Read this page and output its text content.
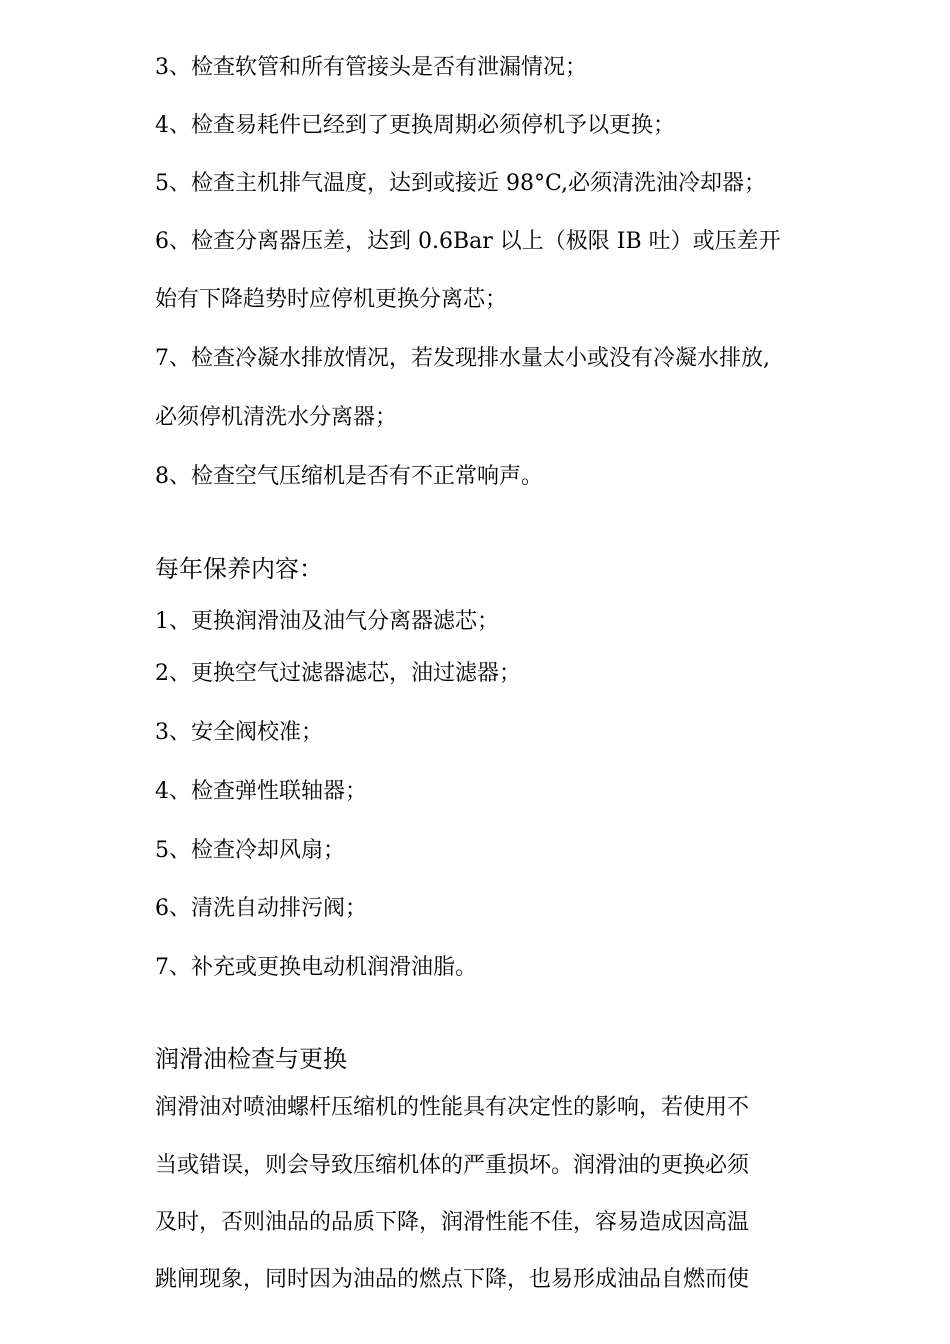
3、检查软管和所有管接头是否有泄漏情况；
4、检查易耗件已经到了更换周期必须停机予以更换；
5、检查主机排气温度，达到或接近 98°C,必须清洗油冷却器；
6、检查分离器压差，达到 0.6Bar 以上（极限 IB 吐）或压差开
始有下降趋势时应停机更换分离芯；
7、检查冷凝水排放情况，若发现排水量太小或没有冷凝水排放,
必须停机清洗水分离器；
8、检查空气压缩机是否有不正常响声。
每年保养内容：
1、更换润滑油及油气分离器滤芯；
2、更换空气过滤器滤芯，油过滤器；
3、安全阀校准；
4、检查弹性联轴器；
5、检查冷却风扇；
6、清洗自动排污阀；
7、补充或更换电动机润滑油脂。
润滑油检查与更换
润滑油对喷油螺杆压缩机的性能具有决定性的影响，若使用不
当或错误，则会导致压缩机体的严重损坏。润滑油的更换必须
及时，否则油品的品质下降，润滑性能不佳，容易造成因高温
跳闸现象，同时因为油品的燃点下降，也易形成油品自燃而使
